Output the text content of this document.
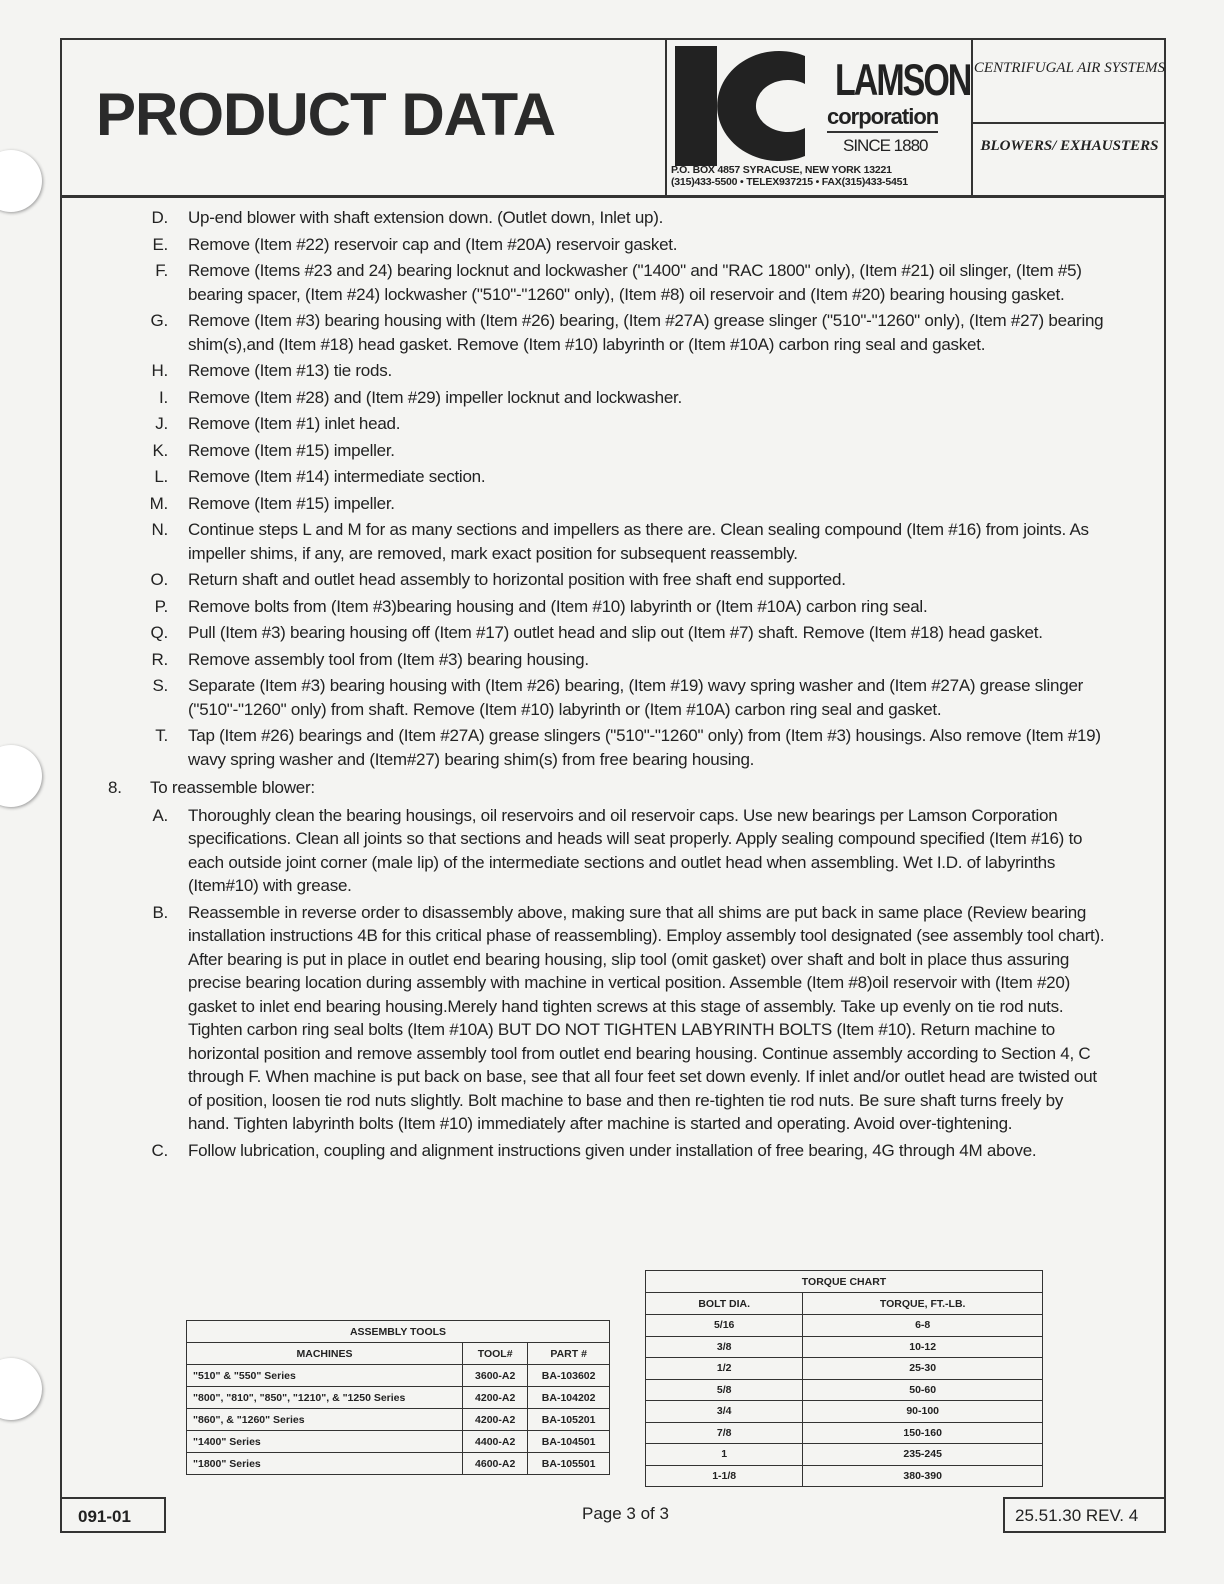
PRODUCT DATA
LAMSON
corporation
SINCE 1880
P.O. BOX 4857 SYRACUSE, NEW YORK 13221
(315)433-5500 • TELEX937215 • FAX(315)433-5451
CENTRIFUGAL AIR SYSTEMS
BLOWERS/ EXHAUSTERS
D.	Up-end blower with shaft extension down. (Outlet down, Inlet up).
E.	Remove (Item #22) reservoir cap and (Item #20A) reservoir gasket.
F.	Remove (Items #23 and 24) bearing locknut and lockwasher ("1400" and "RAC 1800" only), (Item #21) oil slinger, (Item #5) bearing spacer, (Item #24) lockwasher ("510"-"1260" only), (Item #8) oil reservoir and (Item #20) bearing housing gasket.
G.	Remove (Item #3) bearing housing with (Item #26) bearing, (Item #27A) grease slinger ("510"-"1260" only), (Item #27) bearing shim(s),and (Item #18) head gasket. Remove (Item #10) labyrinth or (Item #10A) carbon ring seal and gasket.
H.	Remove (Item #13) tie rods.
I.	Remove (Item #28) and (Item #29) impeller locknut and lockwasher.
J.	Remove (Item #1) inlet head.
K.	Remove (Item #15) impeller.
L.	Remove (Item #14) intermediate section.
M.	Remove (Item #15) impeller.
N.	Continue steps L and M for as many sections and impellers as there are. Clean sealing compound (Item #16) from joints. As impeller shims, if any, are removed, mark exact position for subsequent reassembly.
O.	Return shaft and outlet head assembly to horizontal position with free shaft end supported.
P.	Remove bolts from (Item #3)bearing housing and (Item #10) labyrinth or (Item #10A) carbon ring seal.
Q.	Pull (Item #3) bearing housing off (Item #17) outlet head and slip out (Item #7) shaft. Remove (Item #18) head gasket.
R.	Remove assembly tool from (Item #3) bearing housing.
S.	Separate (Item #3) bearing housing with (Item #26) bearing, (Item #19) wavy spring washer and (Item #27A) grease slinger ("510"-"1260" only) from shaft. Remove (Item #10) labyrinth or (Item #10A) carbon ring seal and gasket.
T.	Tap (Item #26) bearings and (Item #27A) grease slingers ("510"-"1260" only) from (Item #3) housings. Also remove (Item #19) wavy spring washer and (Item#27) bearing shim(s) from free bearing housing.
8.	To reassemble blower:
A.	Thoroughly clean the bearing housings, oil reservoirs and oil reservoir caps. Use new bearings per Lamson Corporation specifications. Clean all joints so that sections and heads will seat properly. Apply sealing compound specified (Item #16) to each outside joint corner (male lip) of the intermediate sections and outlet head when assembling. Wet I.D. of labyrinths (Item#10) with grease.
B.	Reassemble in reverse order to disassembly above, making sure that all shims are put back in same place (Review bearing installation instructions 4B for this critical phase of reassembling). Employ assembly tool designated (see assembly tool chart). After bearing is put in place in outlet end bearing housing, slip tool (omit gasket) over shaft and bolt in place thus assuring precise bearing location during assembly with machine in vertical position. Assemble (Item #8)oil reservoir with (Item #20) gasket to inlet end bearing housing.Merely hand tighten screws at this stage of assembly. Take up evenly on tie rod nuts. Tighten carbon ring seal bolts (Item #10A) BUT DO NOT TIGHTEN LABYRINTH BOLTS (Item #10). Return machine to horizontal position and remove assembly tool from outlet end bearing housing. Continue assembly according to Section 4, C through F. When machine is put back on base, see that all four feet set down evenly. If inlet and/or outlet head are twisted out of position, loosen tie rod nuts slightly. Bolt machine to base and then re-tighten tie rod nuts. Be sure shaft turns freely by hand. Tighten labyrinth bolts (Item #10) immediately after machine is started and operating. Avoid over-tightening.
C.	Follow lubrication, coupling and alignment instructions given under installation of free bearing, 4G through 4M above.
ASSEMBLY TOOLS		
MACHINES	TOOL#	PART #
"510" & "550" Series	3600-A2	BA-103602
"800", "810", "850", "1210", & "1250 Series	4200-A2	BA-104202
"860", & "1260" Series	4200-A2	BA-105201
"1400" Series	4400-A2	BA-104501
"1800" Series	4600-A2	BA-105501
TORQUE CHART	
BOLT DIA.	TORQUE, FT.-LB.
5/16	6-8
3/8	10-12
1/2	25-30
5/8	50-60
3/4	90-100
7/8	150-160
1	235-245
1-1/8	380-390
091-01	Page 3 of 3	25.51.30 REV. 4
